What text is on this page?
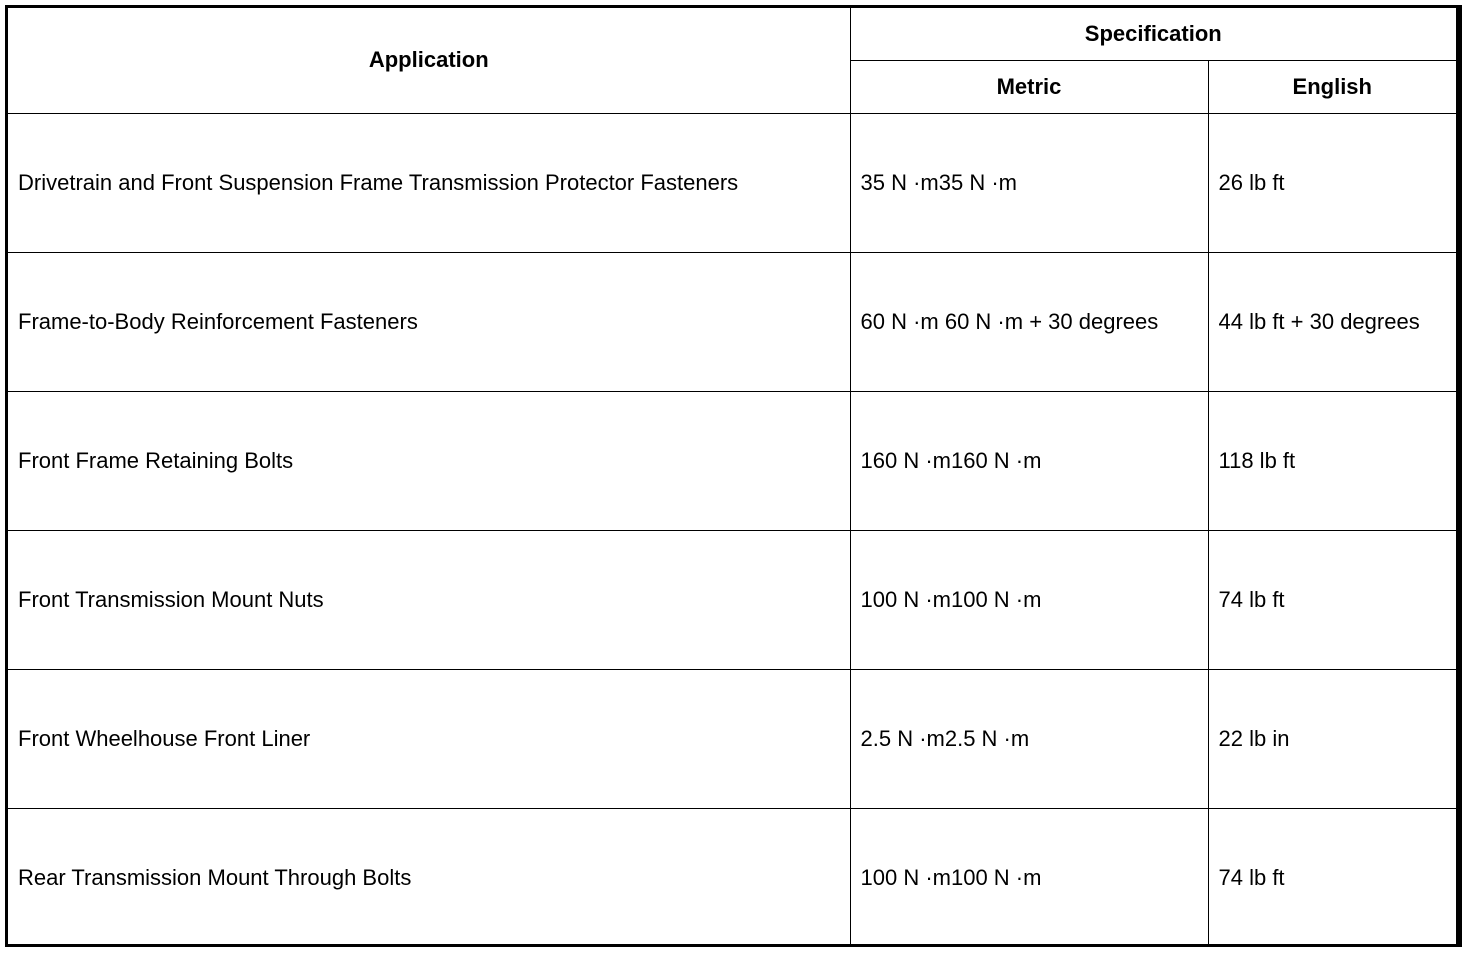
Application	Specification	
	Metric	English
Drivetrain and Front Suspension Frame Transmission Protector Fasteners	35 N ·m35 N ·m	26 lb ft
Frame-to-Body Reinforcement Fasteners	60 N ·m 60 N ·m + 30 degrees	44 lb ft + 30 degrees
Front Frame Retaining Bolts	160 N ·m160 N ·m	118 lb ft
Front Transmission Mount Nuts	100 N ·m100 N ·m	74 lb ft
Front Wheelhouse Front Liner	2.5 N ·m2.5 N ·m	22 lb in
Rear Transmission Mount Through Bolts	100 N ·m100 N ·m	74 lb ft
